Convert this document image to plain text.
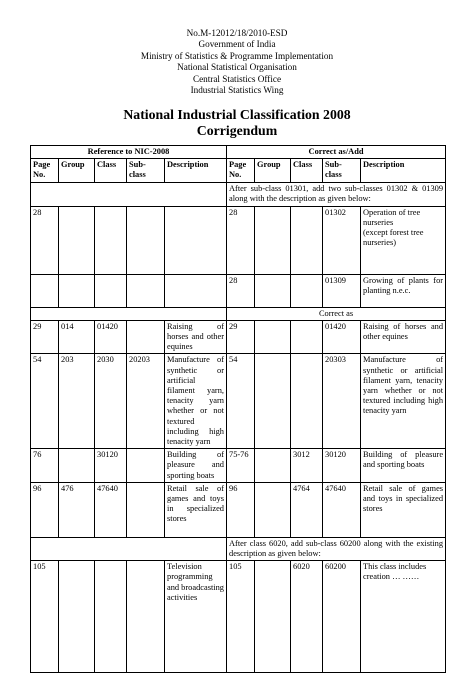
No.M-12012/18/2010-ESD
Government of India
Ministry of Statistics & Programme Implementation
National Statistical Organisation
Central Statistics Office
Industrial Statistics Wing
National Industrial Classification 2008
Corrigendum
Reference to NIC-2008					Correct as/Add				
Page No.	Group	Class	Sub-class	Description	Page No.	Group	Class	Sub-class	Description
					After sub-class 01301, add two sub-classes 01302 & 01309 along with the description as given below:				
28					28			01302	Operation of tree nurseries
(except forest tree nurseries)
					28			01309	Growing of plants for planting n.e.c.
					Correct as				
29	014	01420		Raising of horses and other equines	29			01420	Raising of horses and other equines
54	203	2030	20203	Manufacture of synthetic or artificial filament yarn, tenacity yarn whether or not textured including high tenacity yarn	54			20303	Manufacture of synthetic or artificial filament yarn, tenacity yarn whether or not textured including high tenacity yarn
76		30120		Building of pleasure and sporting boats	75-76		3012	30120	Building of pleasure and sporting boats
96	476	47640		Retail sale of games and toys in specialized stores	96		4764	47640	Retail sale of games and toys in specialized stores
					After class 6020, add sub-class 60200 along with the existing description as given below:				
105				Television programming and broadcasting activities	105		6020	60200	This class includes creation … ……
